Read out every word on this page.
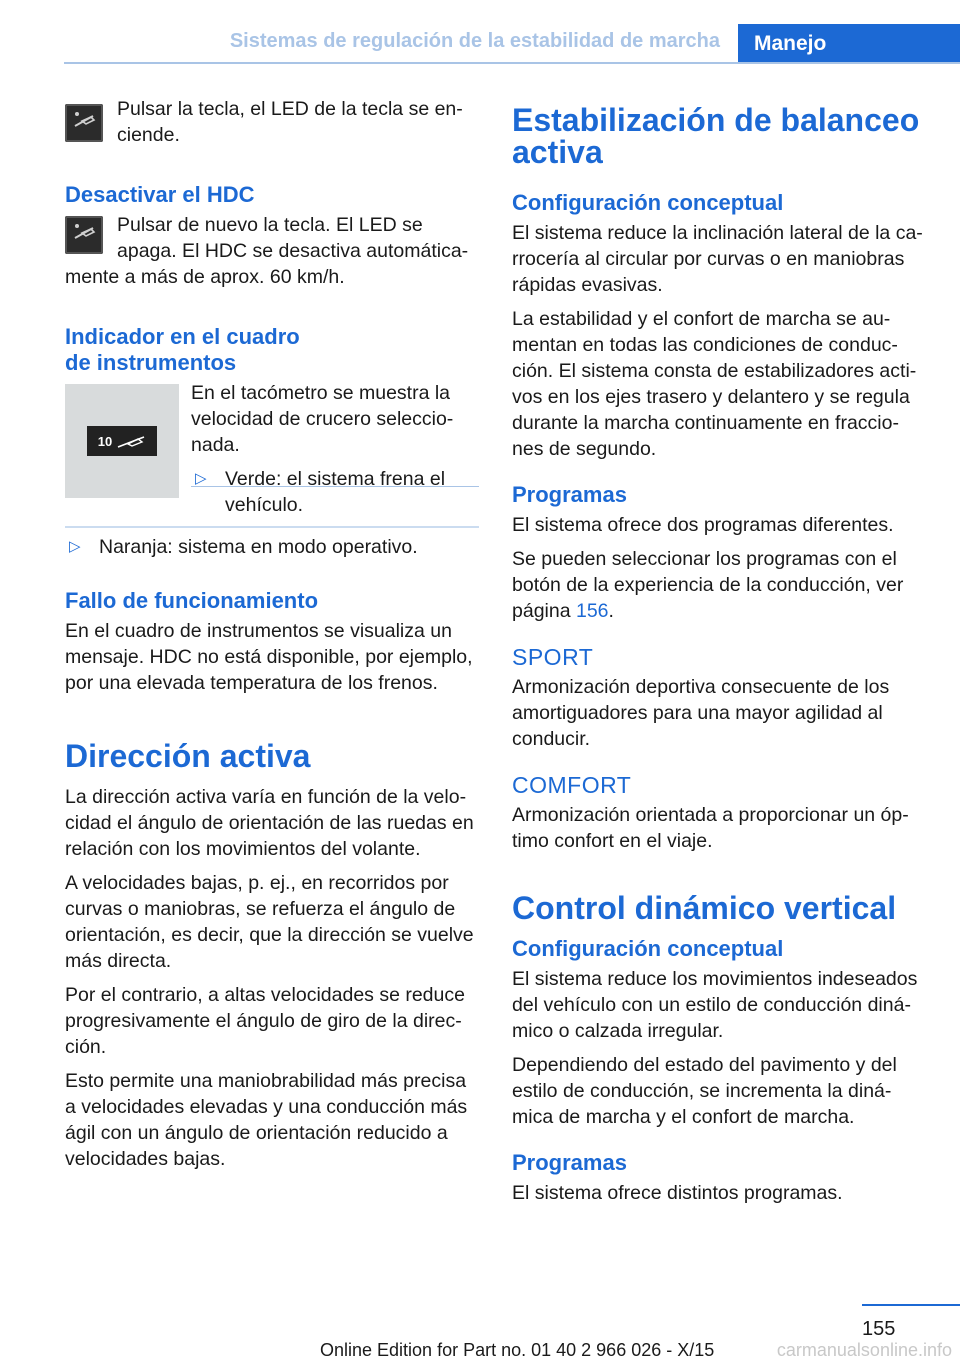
Sistemas de regulación de la estabilidad de marcha	Manejo

Pulsar la tecla, el LED de la tecla se en‐ciende.

Desactivar el HDC

Pulsar de nuevo la tecla. El LED se apaga. El HDC se desactiva automática‐mente a más de aprox. 60 km/h.

Indicador en el cuadro de instrumentos
10

En el tacómetro se muestra la velocidad de crucero seleccio‐nada.

▷ Verde: el sistema frena el vehículo.

▷ Naranja: sistema en modo operativo.

Fallo de funcionamiento

En el cuadro de instrumentos se visualiza un mensaje. HDC no está disponible, por ejemplo, por una elevada temperatura de los frenos.

Dirección activa

La dirección activa varía en función de la velo‐cidad el ángulo de orientación de las ruedas en relación con los movimientos del volante.

A velocidades bajas, p. ej., en recorridos por curvas o maniobras, se refuerza el ángulo de orientación, es decir, que la dirección se vuelve más directa.

Por el contrario, a altas velocidades se reduce progresivamente el ángulo de giro de la direc‐ción.

Esto permite una maniobrabilidad más precisa a velocidades elevadas y una conducción más ágil con un ángulo de orientación reducido a velocidades bajas.

Estabilización de balanceo activa
Configuración conceptual

El sistema reduce la inclinación lateral de la ca‐rrocería al circular por curvas o en maniobras rápidas evasivas.

La estabilidad y el confort de marcha se au‐mentan en todas las condiciones de conduc‐ción. El sistema consta de estabilizadores acti‐vos en los ejes trasero y delantero y se regula durante la marcha continuamente en fraccio‐nes de segundo.

Programas

El sistema ofrece dos programas diferentes.

Se pueden seleccionar los programas con el botón de la experiencia de la conducción, ver página 156.

SPORT

Armonización deportiva consecuente de los amortiguadores para una mayor agilidad al conducir.

COMFORT

Armonización orientada a proporcionar un óp‐timo confort en el viaje.

Control dinámico vertical
Configuración conceptual

El sistema reduce los movimientos indeseados del vehículo con un estilo de conducción diná‐mico o calzada irregular.

Dependiendo del estado del pavimento y del estilo de conducción, se incrementa la diná‐mica de marcha y el confort de marcha.

Programas

El sistema ofrece distintos programas.

155
Online Edition for Part no. 01 40 2 966 026 - X/15	carmanualsonline.info
